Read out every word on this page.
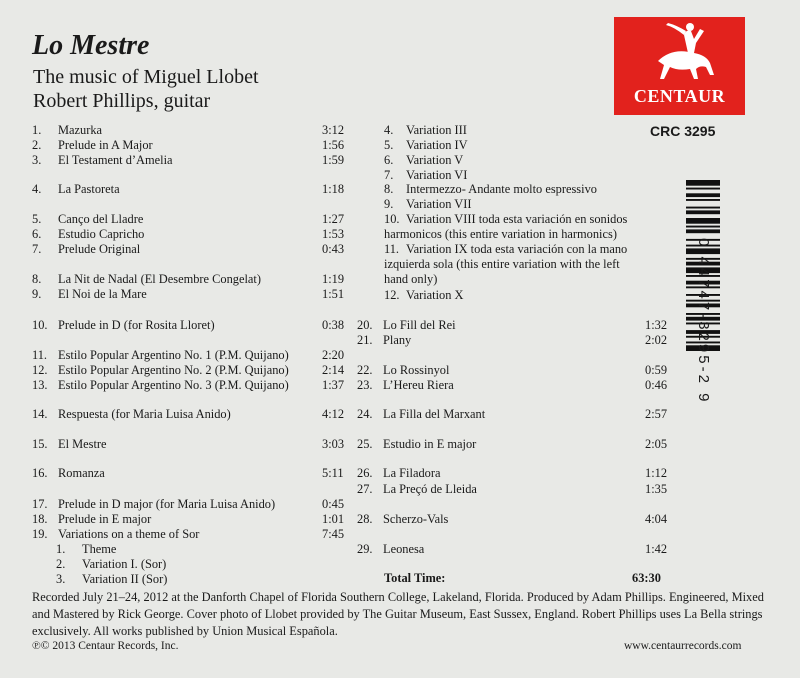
Lo Mestre
The music of Miguel Llobet
Robert Phillips, guitar	CENTAUR
CRC 3295
1. Mazurka	3:12
2. Prelude in A Major	1:56
3. El Testament d’Amelia	1:59
4. La Pastoreta	1:18
5. Canço del Lladre	1:27
6. Estudio Capricho	1:53
7. Prelude Original	0:43
8. La Nit de Nadal (El Desembre Congelat)	1:19
9. El Noi de la Mare	1:51
10. Prelude in D (for Rosita Lloret)	0:38
11. Estilo Popular Argentino No. 1 (P.M. Quijano)	2:20
12. Estilo Popular Argentino No. 2 (P.M. Quijano)	2:14
13. Estilo Popular Argentino No. 3 (P.M. Quijano)	1:37
14. Respuesta (for Maria Luisa Anido)	4:12
15. El Mestre	3:03
16. Romanza	5:11
17. Prelude in D major (for Maria Luisa Anido)	0:45
18. Prelude in E major	1:01
19. Variations on a theme of Sor	7:45
1. Theme
2. Variation I. (Sor)
3. Variation II (Sor)
4. Variation III
5. Variation IV
6. Variation V
7. Variation VI
8. Intermezzo- Andante molto espressivo
9. Variation VII
10. Variation VIII toda esta variación en sonidos
harmonicos (this entire variation in harmonics)
11. Variation IX toda esta variación con la mano
izquierda sola (this entire variation with the left
hand only)
12. Variation X
20. Lo Fill del Rei	1:32
21. Plany	2:02
22. Lo Rossinyol	0:59
23. L’Hereu Riera	0:46
24. La Filla del Marxant	2:57
25. Estudio in E major	2:05
26. La Filadora	1:12
27. La Preçó de Lleida	1:35
28. Scherzo-Vals	4:04
29. Leonesa	1:42
0 44747-3295-2 9
Total Time:	63:30
Recorded July 21–24, 2012 at the Danforth Chapel of Florida Southern College, Lakeland, Florida. Produced by Adam Phillips. Engineered, Mixed and Mastered by Rick George. Cover photo of Llobet provided by The Guitar Museum, East Sussex, England. Robert Phillips uses La Bella strings exclusively. All works published by Union Musical Española.
℗© 2013 Centaur Records, Inc.	www.centaurrecords.com
